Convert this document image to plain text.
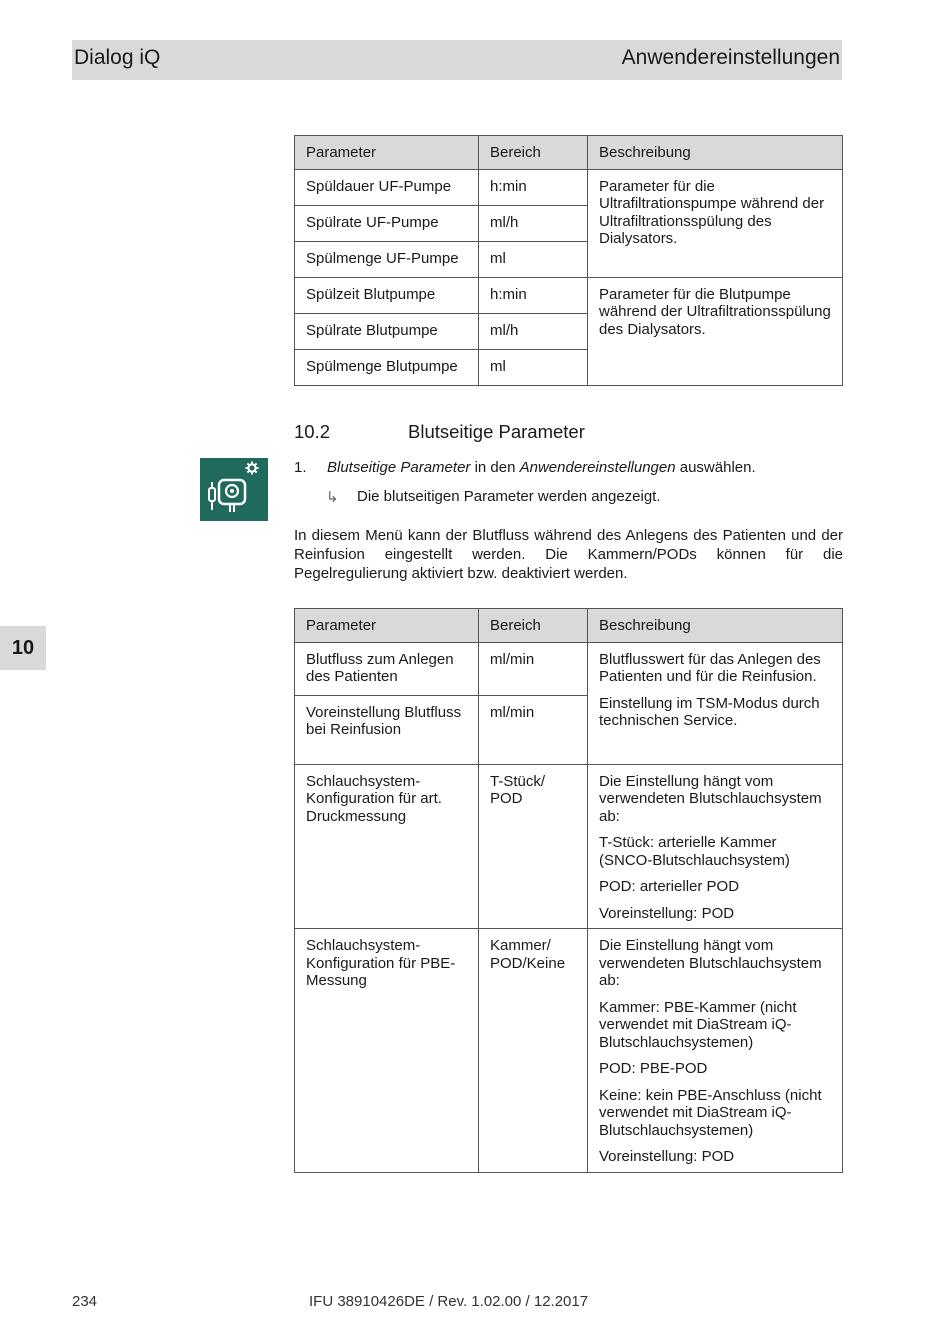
Dialog iQ	Anwendereinstellungen
10
Parameter	Bereich	Beschreibung
Spüldauer UF-Pumpe	h:min	Parameter für die Ultrafiltrationspumpe während der Ultrafiltrationsspülung des Dialysators.
Spülrate UF-Pumpe	ml/h	
Spülmenge UF-Pumpe	ml	
Spülzeit Blutpumpe	h:min	Parameter für die Blutpumpe während der Ultrafiltrationsspülung des Dialysators.
Spülrate Blutpumpe	ml/h	
Spülmenge Blutpumpe	ml	
10.2	Blutseitige Parameter
1. Blutseitige Parameter in den Anwendereinstellungen auswählen.
↳ Die blutseitigen Parameter werden angezeigt.

In diesem Menü kann der Blutfluss während des Anlegens des Patienten und der Reinfusion eingestellt werden. Die Kammern/PODs können für die Pegelregulierung aktiviert bzw. deaktiviert werden.

Parameter	Bereich	Beschreibung
Blutfluss zum Anlegen des Patienten	ml/min	Blutflusswert für das Anlegen des Patienten und für die Reinfusion.

Einstellung im TSM-Modus durch technischen Service.

Voreinstellung Blutfluss bei Reinfusion	ml/min	
Schlauchsystem-Konfiguration für art. Druckmessung	T-Stück/ POD	Die Einstellung hängt vom verwendeten Blutschlauchsystem ab:

T-Stück: arterielle Kammer (SNCO-Blutschlauchsystem)

POD: arterieller POD

Voreinstellung: POD

Schlauchsystem-Konfiguration für PBE-Messung	Kammer/ POD/Keine	Die Einstellung hängt vom verwendeten Blutschlauchsystem ab:

Kammer: PBE-Kammer (nicht verwendet mit DiaStream iQ-Blutschlauchsystemen)

POD: PBE-POD

Keine: kein PBE-Anschluss (nicht verwendet mit DiaStream iQ-Blutschlauchsystemen)

Voreinstellung: POD

234	IFU 38910426DE / Rev. 1.02.00 / 12.2017
